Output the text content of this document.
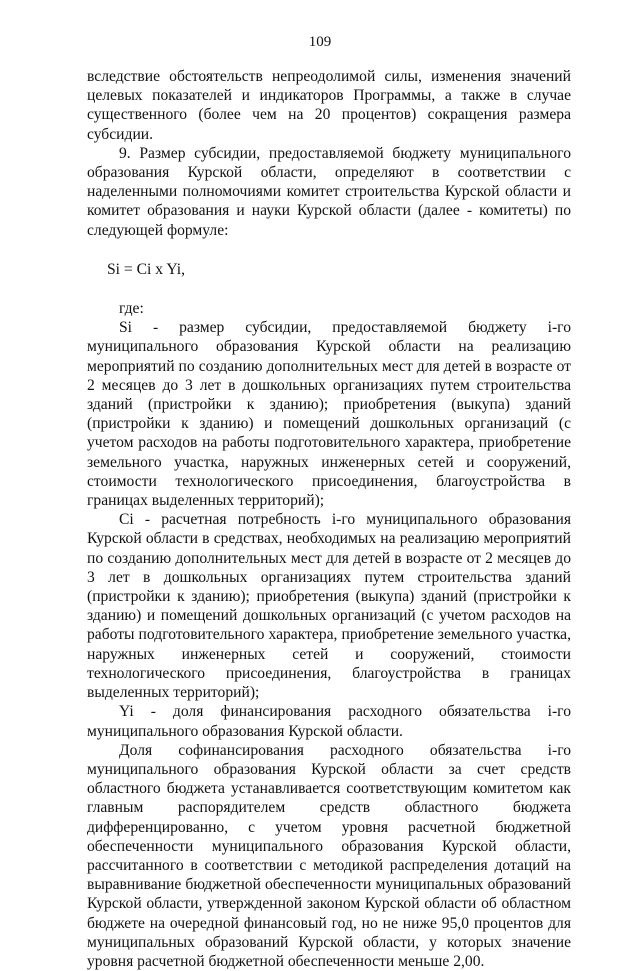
109

вследствие обстоятельств непреодолимой силы, изменения значений целевых показателей и индикаторов Программы, а также в случае существенного (более чем на 20 процентов) сокращения размера субсидии.

9. Размер субсидии, предоставляемой бюджету муниципального образования Курской области, определяют в соответствии с наделенными полномочиями комитет строительства Курской области и комитет образования и науки Курской области (далее - комитеты) по следующей формуле:

Si = Ci x Yi,

где:

Si - размер субсидии, предоставляемой бюджету i-го муниципального образования Курской области на реализацию мероприятий по созданию дополнительных мест для детей в возрасте от 2 месяцев до 3 лет в дошкольных организациях путем строительства зданий (пристройки к зданию); приобретения (выкупа) зданий (пристройки к зданию) и помещений дошкольных организаций (с учетом расходов на работы подготовительного характера, приобретение земельного участка, наружных инженерных сетей и сооружений, стоимости технологического присоединения, благоустройства в границах выделенных территорий);

Ci - расчетная потребность i-го муниципального образования Курской области в средствах, необходимых на реализацию мероприятий по созданию дополнительных мест для детей в возрасте от 2 месяцев до 3 лет в дошкольных организациях путем строительства зданий (пристройки к зданию); приобретения (выкупа) зданий (пристройки к зданию) и помещений дошкольных организаций (с учетом расходов на работы подготовительного характера, приобретение земельного участка, наружных инженерных сетей и сооружений, стоимости технологического присоединения, благоустройства в границах выделенных территорий);

Yi - доля финансирования расходного обязательства i-го муниципального образования Курской области.

Доля софинансирования расходного обязательства i-го муниципального образования Курской области за счет средств областного бюджета устанавливается соответствующим комитетом как главным распорядителем средств областного бюджета дифференцированно, с учетом уровня расчетной бюджетной обеспеченности муниципального образования Курской области, рассчитанного в соответствии с методикой распределения дотаций на выравнивание бюджетной обеспеченности муниципальных образований Курской области, утвержденной законом Курской области об областном бюджете на очередной финансовый год, но не ниже 95,0 процентов для муниципальных образований Курской области, у которых значение уровня расчетной бюджетной обеспеченности меньше 2,00.
